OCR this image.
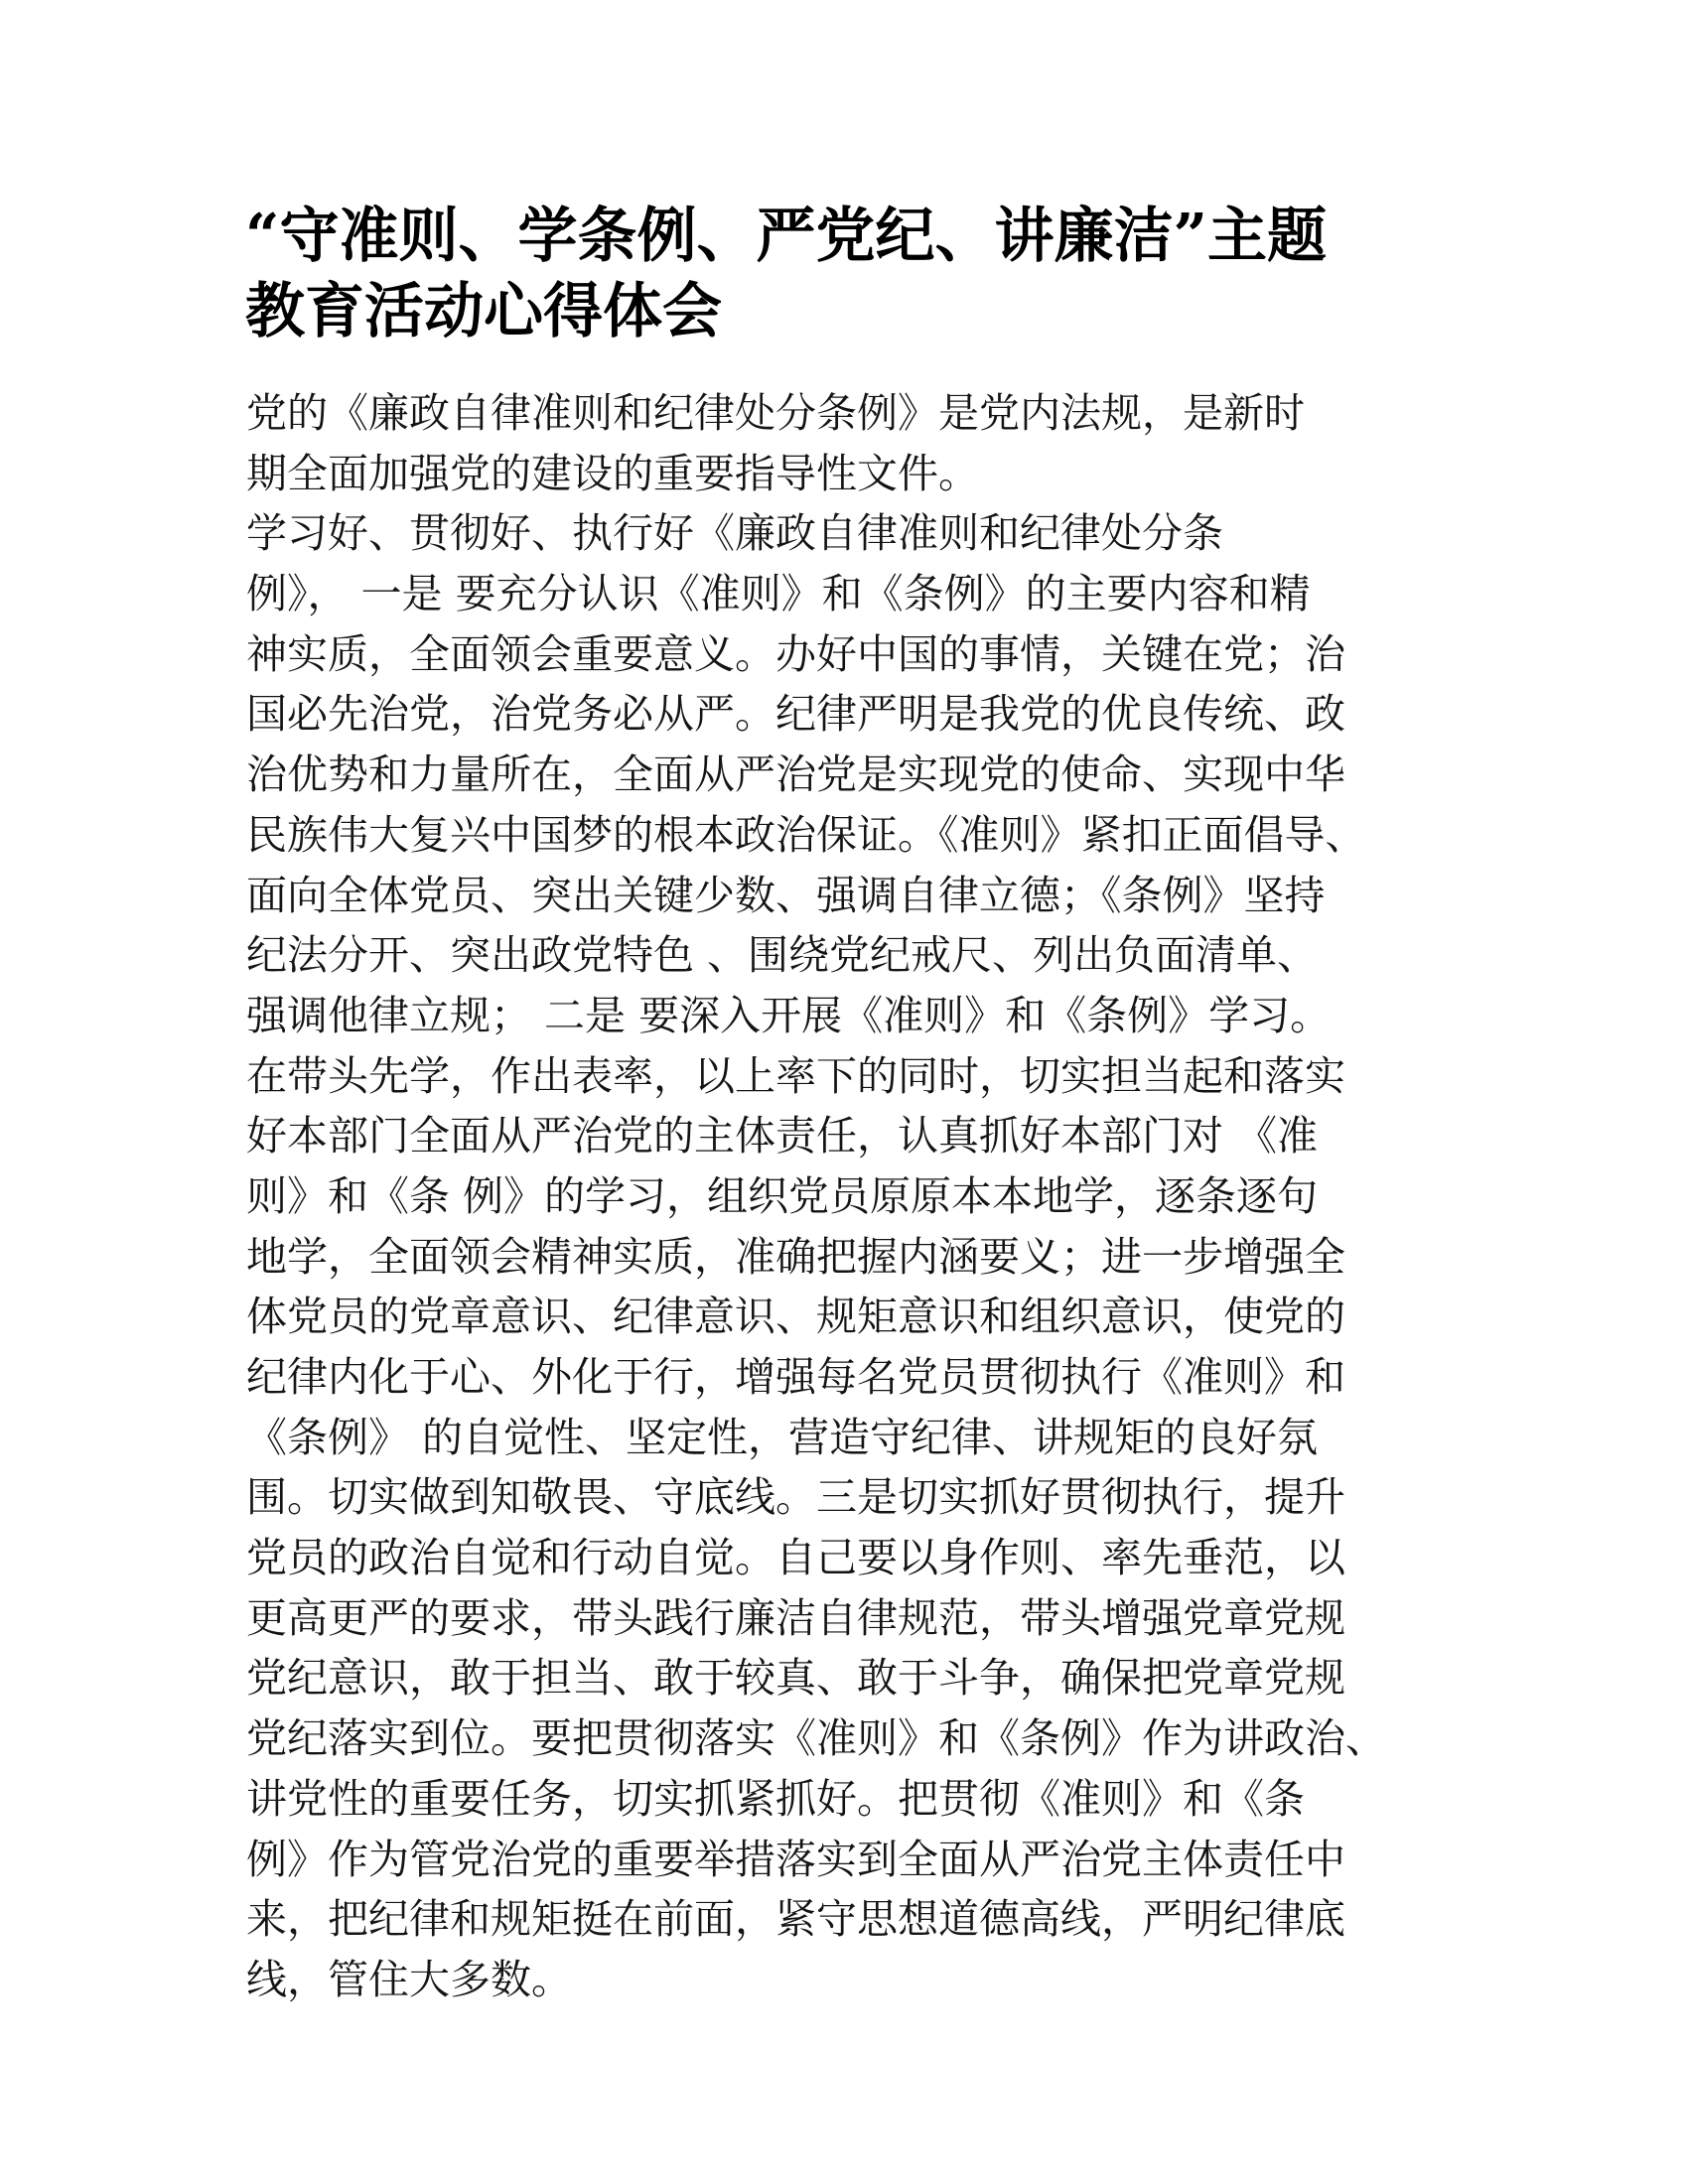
“守准则、学条例、严党纪、讲廉洁”主题
教育活动心得体会
党的《廉政自律准则和纪律处分条例》是党内法规，是新时
期全面加强党的建设的重要指导性文件。
学习好、贯彻好、执行好《廉政自律准则和纪律处分条
例》， 一是 要充分认识《准则》和《条例》的主要内容和精
神实质，全面领会重要意义。办好中国的事情，关键在党；治
国必先治党，治党务必从严。纪律严明是我党的优良传统、政
治优势和力量所在，全面从严治党是实现党的使命、实现中华
民族伟大复兴中国梦的根本政治保证。《准则》紧扣正面倡导、
面向全体党员、突出关键少数、强调自律立德；《条例》坚持
纪法分开、突出政党特色 、围绕党纪戒尺、列出负面清单、
强调他律立规； 二是 要深入开展《准则》和《条例》学习。
在带头先学，作出表率，以上率下的同时，切实担当起和落实
好本部门全面从严治党的主体责任，认真抓好本部门对 《准
则》和《条 例》的学习，组织党员原原本本地学，逐条逐句
地学，全面领会精神实质，准确把握内涵要义；进一步增强全
体党员的党章意识、纪律意识、规矩意识和组织意识，使党的
纪律内化于心、外化于行，增强每名党员贯彻执行《准则》和
《条例》 的自觉性、坚定性，营造守纪律、讲规矩的良好氛
围。切实做到知敬畏、守底线。三是切实抓好贯彻执行，提升
党员的政治自觉和行动自觉。自己要以身作则、率先垂范，以
更高更严的要求，带头践行廉洁自律规范，带头增强党章党规
党纪意识，敢于担当、敢于较真、敢于斗争，确保把党章党规
党纪落实到位。要把贯彻落实《准则》和《条例》作为讲政治、
讲党性的重要任务，切实抓紧抓好。把贯彻《准则》和《条
例》作为管党治党的重要举措落实到全面从严治党主体责任中
来，把纪律和规矩挺在前面，紧守思想道德高线，严明纪律底
线，管住大多数。
